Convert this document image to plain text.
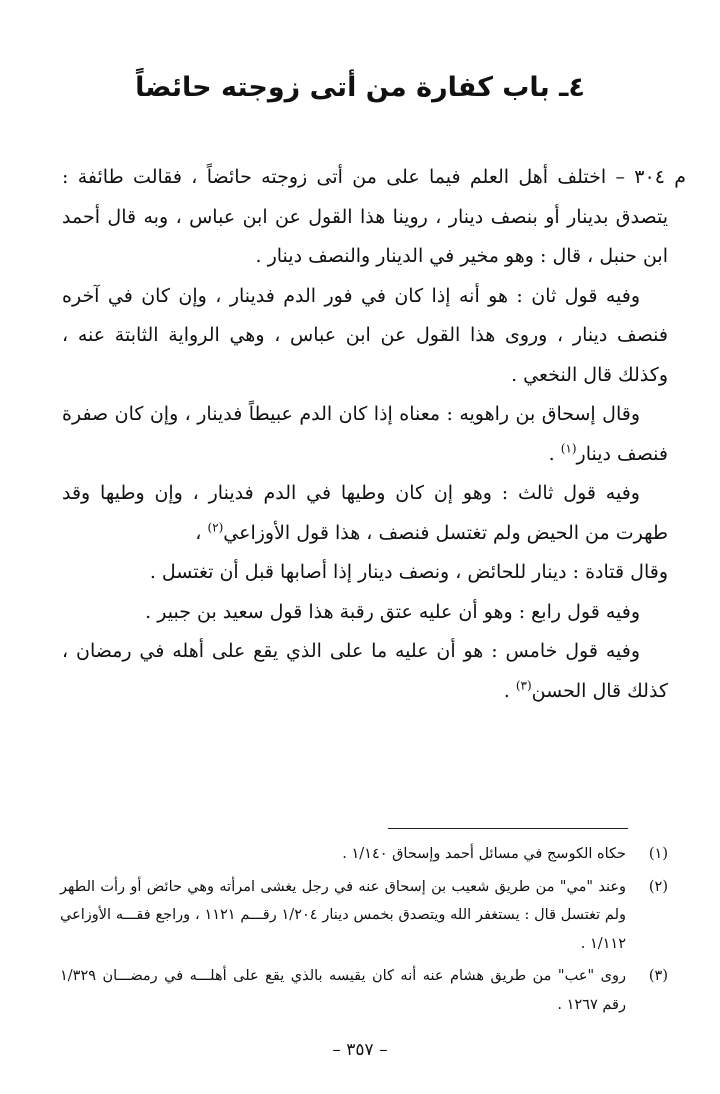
٤ـ باب كفارة من أتى زوجته حائضاً

م ٣٠٤ – اختلف أهل العلم فيما على من أتى زوجته حائضاً ، فقالت طائفة : يتصدق بدينار أو بنصف دينار ، روينا هذا القول عن ابن عباس ، وبه قال أحمد ابن حنبل ، قال : وهو مخير في الدينار والنصف دينار .

وفيه قول ثان : هو أنه إذا كان في فور الدم فدينار ، وإن كان في آخره فنصف دينار ، وروى هذا القول عن ابن عباس ، وهي الرواية الثابتة عنه ، وكذلك قال النخعي .

وقال إسحاق بن راهويه : معناه إذا كان الدم عبيطاً فدينار ، وإن كان صفرة فنصف دينار$^{(١)}$ .

وفيه قول ثالث : وهو إن كان وطيها في الدم فدينار ، وإن وطيها وقد طهرت من الحيض ولم تغتسل فنصف ، هذا قول الأوزاعي$^{(٢)}$ ،

وقال قتادة : دينار للحائض ، ونصف دينار إذا أصابها قبل أن تغتسل .

وفيه قول رابع : وهو أن عليه عتق رقبة هذا قول سعيد بن جبير .

وفيه قول خامس : هو أن عليه ما على الذي يقع على أهله في رمضان ، كذلك قال الحسن$^{(٣)}$ .

(١)
حكاه الكوسج في مسائل أحمد وإسحاق ١/١٤٠ .

(٢)
وعند "مي" من طريق شعيب بن إسحاق عنه في رجل يغشى امرأته وهي حائض أو رأت الطهر ولم تغتسل قال : يستغفر الله ويتصدق بخمس دينار ١/٢٠٤ رقـــم ١١٢١ ، وراجع فقـــه الأوزاعي ١/١١٢ .

(٣)
روى "عب" من طريق هشام عنه أنه كان يقيسه بالذي يقع على أهلـــه في رمضـــان ١/٣٢٩ رقم ١٢٦٧ .

– ٣٥٧ –
